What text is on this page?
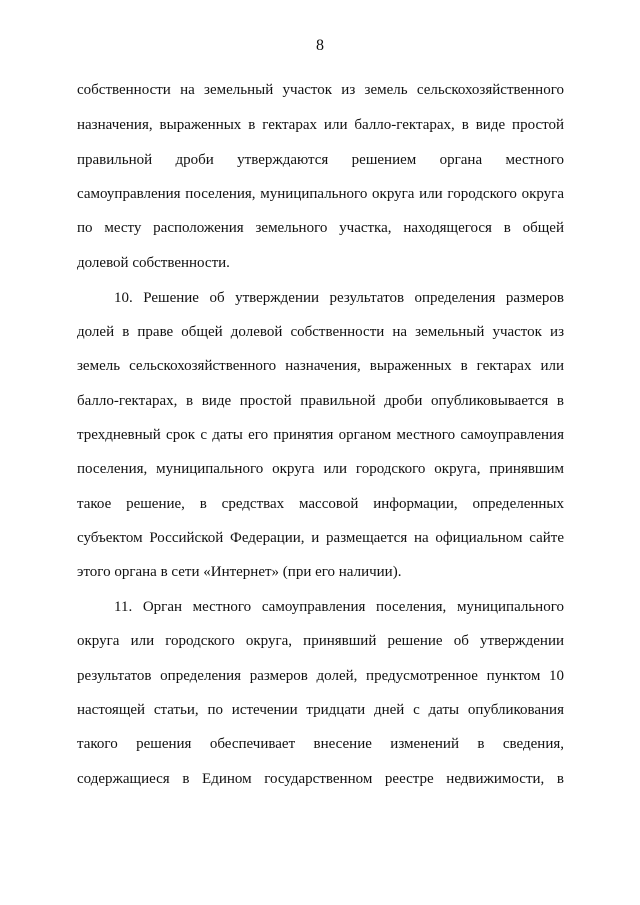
8
собственности на земельный участок из земель сельскохозяйственного
назначения, выраженных в гектарах или балло-гектарах, в виде простой
правильной дроби утверждаются решением органа местного
самоуправления поселения, муниципального округа или городского округа
по месту расположения земельного участка, находящегося в общей
долевой собственности.
10. Решение об утверждении результатов определения размеров
долей в праве общей долевой собственности на земельный участок из
земель сельскохозяйственного назначения, выраженных в гектарах или
балло-гектарах, в виде простой правильной дроби опубликовывается в
трехдневный срок с даты его принятия органом местного самоуправления
поселения, муниципального округа или городского округа, принявшим
такое решение, в средствах массовой информации, определенных
субъектом Российской Федерации, и размещается на официальном сайте
этого органа в сети «Интернет» (при его наличии).
11. Орган местного самоуправления поселения, муниципального
округа или городского округа, принявший решение об утверждении
результатов определения размеров долей, предусмотренное пунктом 10
настоящей статьи, по истечении тридцати дней с даты опубликования
такого решения обеспечивает внесение изменений в сведения,
содержащиеся в Едином государственном реестре недвижимости, в
